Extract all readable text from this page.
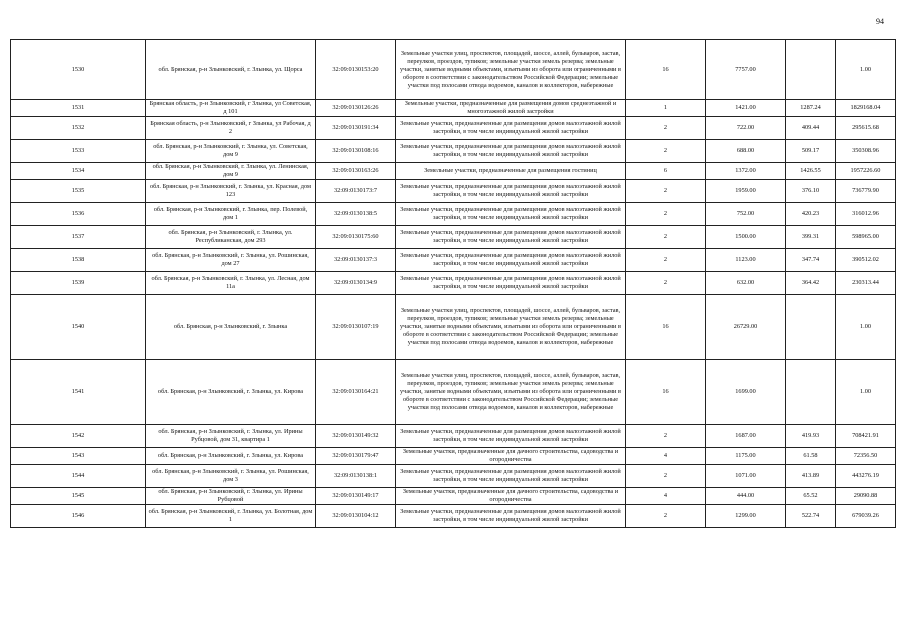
94
1530	обл. Брянская, р-н Злынковский, г. Злынка, ул. Щорса	32:09:0130153:20	Земельные участки улиц, проспектов, площадей, шоссе, аллей, бульваров, застав, переулков, проездов, тупиков; земельные участки земель резерва; земельные участки, занятые водными объектами, изъятыми из оборота или ограниченными в обороте в соответствии с законодательством Российской Федерации; земельные участки под полосами отвода водоемов, каналов и коллекторов, набережные	16	7757.00		1.00
1531	Брянская область, р-н Злынковский, г Злынка, ул Советская, д 101	32:09:0130126:26	Земельные участки, предназначенные для размещения домов среднеэтажной и многоэтажной жилой застройки	1	1421.00	1287.24	1829168.04
1532	Брянская область, р-н Злынковский, г Злынка, ул Рабочая, д 2	32:09:0130191:34	Земельные участки, предназначенные для размещения домов малоэтажной жилой застройки, в том числе индивидуальной жилой застройки	2	722.00	409.44	295615.68
1533	обл. Брянская, р-н Злынковский, г. Злынка, ул. Советская, дом 9	32:09:0130108:16	Земельные участки, предназначенные для размещения домов малоэтажной жилой застройки, в том числе индивидуальной жилой застройки	2	688.00	509.17	350308.96
1534	обл. Брянская, р-н Злынковский, г. Злынка, ул. Ленинская, дом 9	32:09:0130163:26	Земельные участки, предназначенные для размещения гостиниц	6	1372.00	1426.55	1957226.60
1535	обл. Брянская, р-н Злынковский, г. Злынка, ул. Красная, дом 123	32:09:0130173:7	Земельные участки, предназначенные для размещения домов малоэтажной жилой застройки, в том числе индивидуальной жилой застройки	2	1959.00	376.10	736779.90
1536	обл. Брянская, р-н Злынковский, г. Злынка, пер. Полевой, дом 1	32:09:0130138:5	Земельные участки, предназначенные для размещения домов малоэтажной жилой застройки, в том числе индивидуальной жилой застройки	2	752.00	420.23	316012.96
1537	обл. Брянская, р-н Злынковский, г. Злынка, ул. Республиканская, дом 293	32:09:0130175:60	Земельные участки, предназначенные для размещения домов малоэтажной жилой застройки, в том числе индивидуальной жилой застройки	2	1500.00	399.31	598965.00
1538	обл. Брянская, р-н Злынковский, г. Злынка, ул. Рошинская, дом 27	32:09:0130137:3	Земельные участки, предназначенные для размещения домов малоэтажной жилой застройки, в том числе индивидуальной жилой застройки	2	1123.00	347.74	390512.02
1539	обл. Брянская, р-н Злынковский, г. Злынка, ул. Лесная, дом 11а	32:09:0130134:9	Земельные участки, предназначенные для размещения домов малоэтажной жилой застройки, в том числе индивидуальной жилой застройки	2	632.00	364.42	230313.44
1540	обл. Брянская, р-н Злынковский, г. Злынка	32:09:0130107:19	Земельные участки улиц, проспектов, площадей, шоссе, аллей, бульваров, застав, переулков, проездов, тупиков; земельные участки земель резерва; земельные участки, занятые водными объектами, изъятыми из оборота или ограниченными в обороте в соответствии с законодательством Российской Федерации; земельные участки под полосами отвода водоемов, каналов и коллекторов, набережные	16	26729.00		1.00
1541	обл. Брянская, р-н Злынковский, г. Злынка, ул. Кирова	32:09:0130164:21	Земельные участки улиц, проспектов, площадей, шоссе, аллей, бульваров, застав, переулков, проездов, тупиков; земельные участки земель резерва; земельные участки, занятые водными объектами, изъятыми из оборота или ограниченными в обороте в соответствии с законодательством Российской Федерации; земельные участки под полосами отвода водоемов, каналов и коллекторов, набережные	16	1699.00		1.00
1542	обл. Брянская, р-н Злынковский, г. Злынка, ул. Ирины Рубцовой, дом 31, квартира 1	32:09:0130149:32	Земельные участки, предназначенные для размещения домов малоэтажной жилой застройки, в том числе индивидуальной жилой застройки	2	1687.00	419.93	708421.91
1543	обл. Брянская, р-н Злынковский, г. Злынка, ул. Кирова	32:09:0130179:47	Земельные участки, предназначенные для дачного строительства, садоводства и огородничества	4	1175.00	61.58	72356.50
1544	обл. Брянская, р-н Злынковский, г. Злынка, ул. Рошинская, дом 3	32:09:0130138:1	Земельные участки, предназначенные для размещения домов малоэтажной жилой застройки, в том числе индивидуальной жилой застройки	2	1071.00	413.89	443276.19
1545	обл. Брянская, р-н Злынковский, г. Злынка, ул. Ирины Рубцовой	32:09:0130149:17	Земельные участки, предназначенные для дачного строительства, садоводства и огородничества	4	444.00	65.52	29090.88
1546	обл. Брянская, р-н Злынковский, г. Злынка, ул. Болотная, дом 1	32:09:0130104:12	Земельные участки, предназначенные для размещения домов малоэтажной жилой застройки, в том числе индивидуальной жилой застройки	2	1299.00	522.74	679039.26
